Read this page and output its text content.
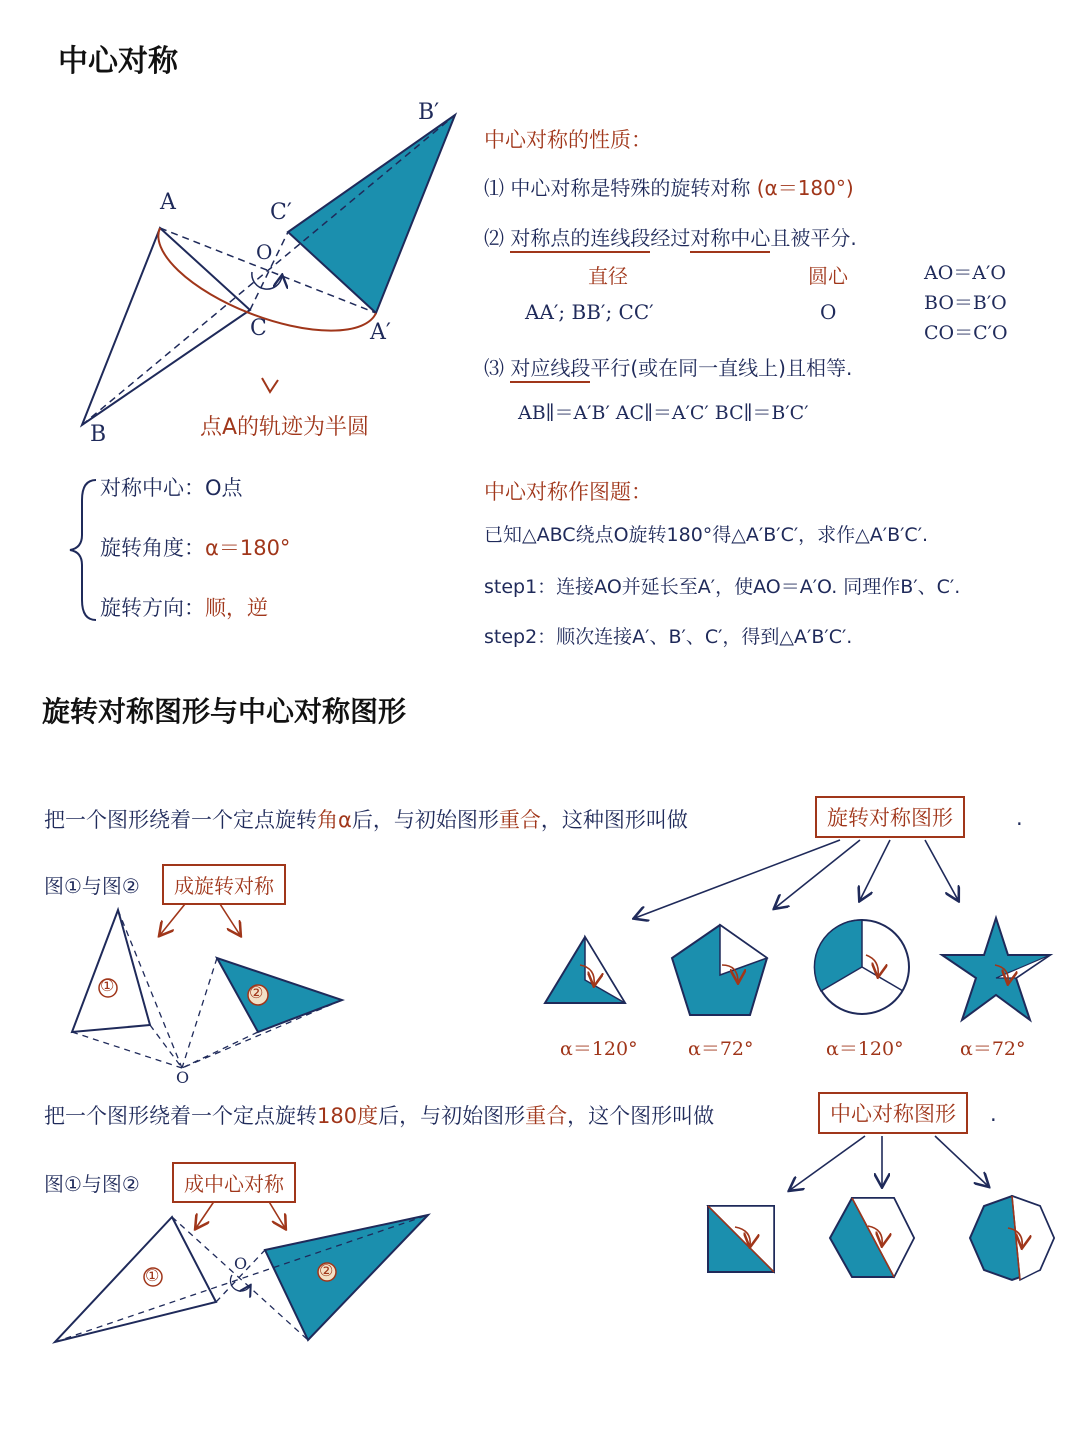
中心对称
A
B
C
O
A′
B′
C′
点A的轨迹为半圆
对称中心：O点
旋转角度：α＝180°
旋转方向：顺，逆
中心对称的性质：
⑴ 中心对称是特殊的旋转对称 (α＝180°)
⑵ 对称点的连线段经过对称中心且被平分.
直径	圆心
AA′; BB′; CC′	O
AO＝A′O
BO＝B′O
CO＝C′O
⑶ 对应线段平行(或在同一直线上)且相等.
AB∥＝A′B′ AC∥＝A′C′ BC∥＝B′C′
中心对称作图题：
已知△ABC绕点O旋转180°得△A′B′C′，求作△A′B′C′.
step1：连接AO并延长至A′，使AO＝A′O. 同理作B′、C′.
step2：顺次连接A′、B′、C′，得到△A′B′C′.
旋转对称图形与中心对称图形
把一个图形绕着一个定点旋转角α后，与初始图形重合，这种图形叫做	旋转对称图形	.
图①与图②	成旋转对称
①	②
O
α＝120°	α＝72°	α＝120°	α＝72°
把一个图形绕着一个定点旋转180度后，与初始图形重合，这个图形叫做	中心对称图形	.
图①与图②	成中心对称
①	②
O
